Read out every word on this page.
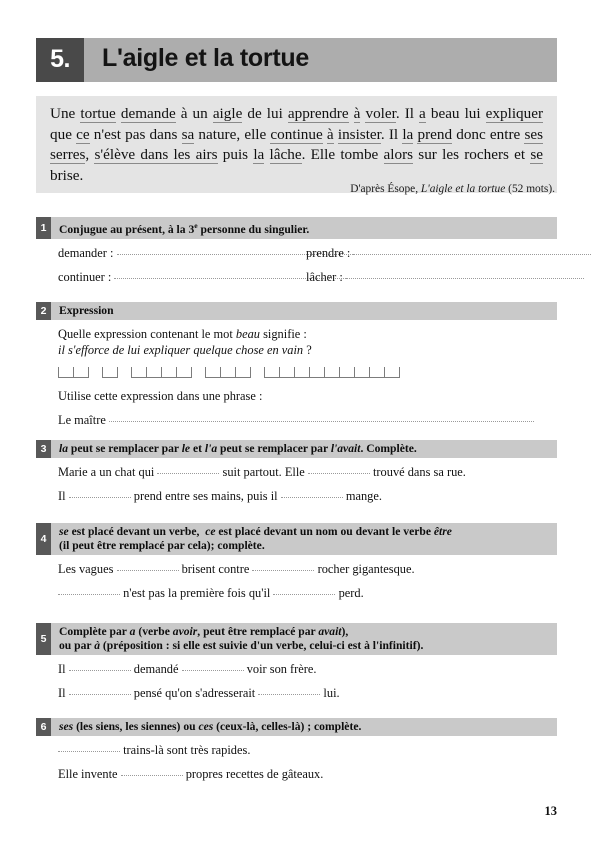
5.	L'aigle et la tortue
Une tortue demande à un aigle de lui apprendre à voler. Il a beau lui expliquer que ce n'est pas dans sa nature, elle continue à insister. Il la prend donc entre ses serres, s'élève dans les airs puis la lâche. Elle tombe alors sur les rochers et se brise.
D'après Ésope, L'aigle et la tortue (52 mots).
1	Conjugue au présent, à la 3e personne du singulier.
demander :	prendre :
continuer :	lâcher :
2	Expression
Quelle expression contenant le mot beau signifie :
il s'efforce de lui expliquer quelque chose en vain ?
Utilise cette expression dans une phrase :
Le maître
3	la peut se remplacer par le et l'a peut se remplacer par l'avait. Complète.
Marie a un chat qui	suit partout. Elle	trouvé dans sa rue.
Il	prend entre ses mains, puis il	mange.
4
se est placé devant un verbe,  ce est placé devant un nom ou devant le verbe être
(il peut être remplacé par cela); complète.
Les vagues	brisent contre	rocher gigantesque.
n'est pas la première fois qu'il	perd.
5
Complète par a (verbe avoir, peut être remplacé par avait),
ou par à (préposition : si elle est suivie d'un verbe, celui-ci est à l'infinitif).
Il	demandé	voir son frère.
Il	pensé qu'on s'adresserait	lui.
6	ses (les siens, les siennes) ou ces (ceux-là, celles-là) ; complète.
trains-là sont très rapides.
Elle invente	propres recettes de gâteaux.
13
